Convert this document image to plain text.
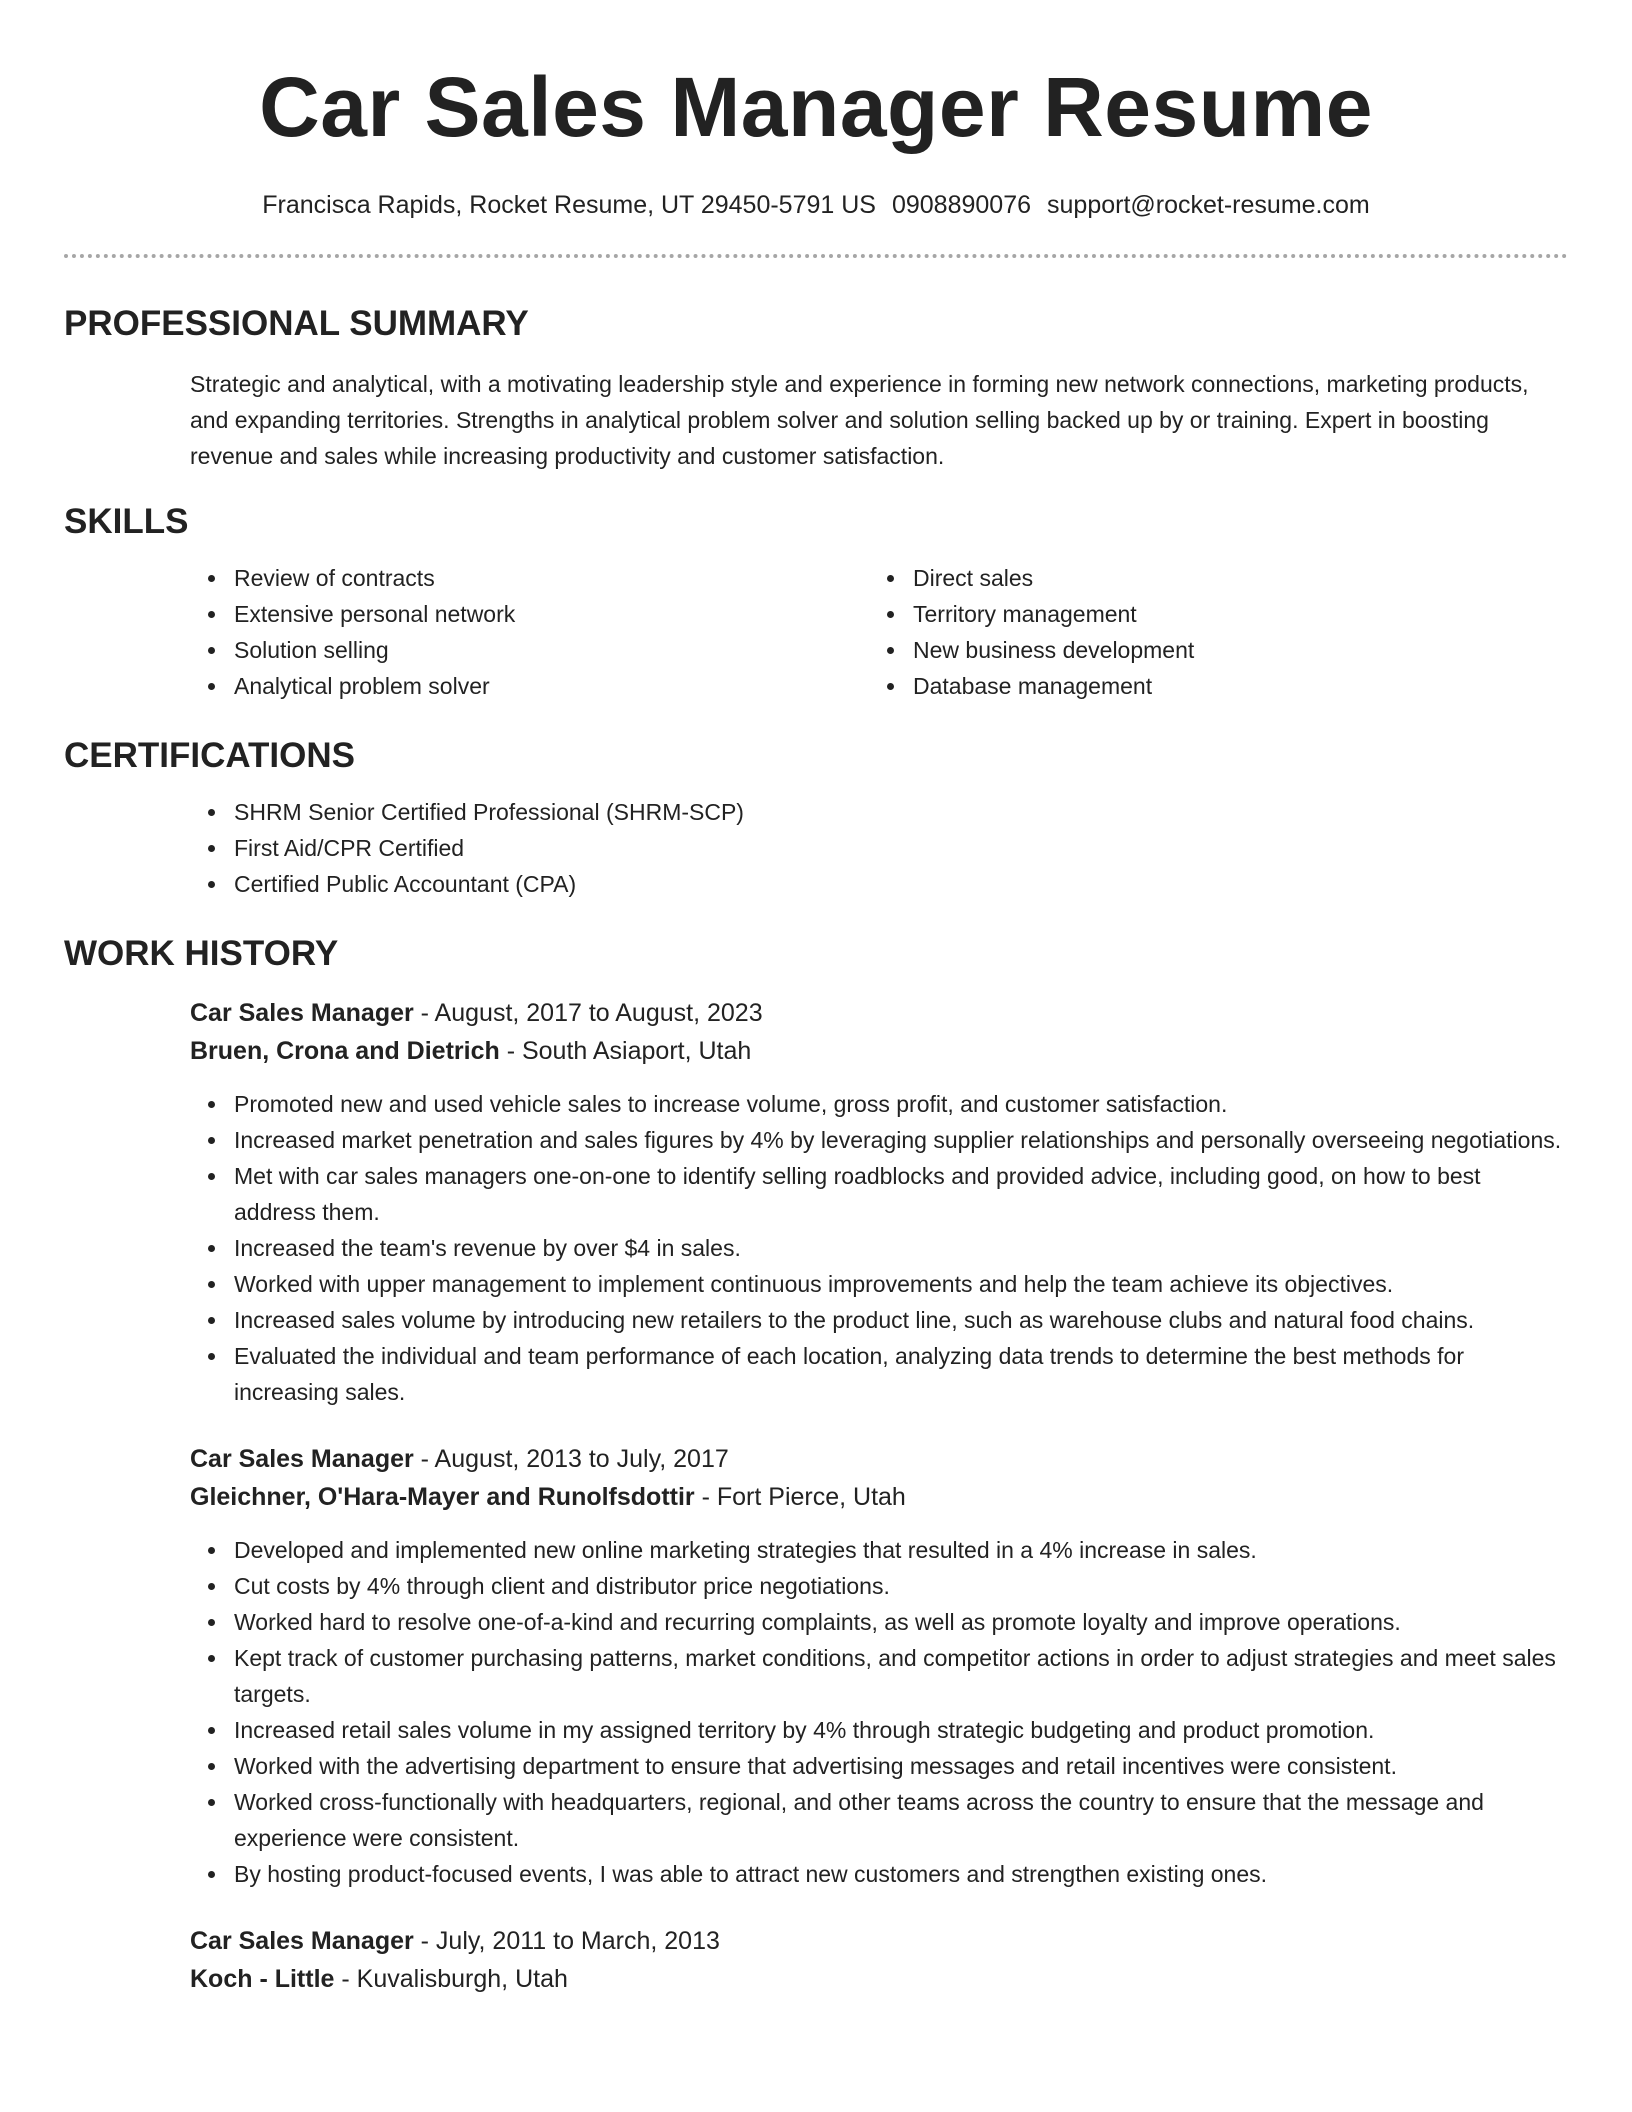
Car Sales Manager Resume
Francisca Rapids, Rocket Resume, UT 29450-5791 US 0908890076 support@rocket-resume.com
PROFESSIONAL SUMMARY

Strategic and analytical, with a motivating leadership style and experience in forming new network connections, marketing products, and expanding territories. Strengths in analytical problem solver and solution selling backed up by or training. Expert in boosting revenue and sales while increasing productivity and customer satisfaction.

SKILLS
Review of contracts
Extensive personal network
Solution selling
Analytical problem solver
Direct sales
Territory management
New business development
Database management
CERTIFICATIONS
SHRM Senior Certified Professional (SHRM-SCP)
First Aid/CPR Certified
Certified Public Accountant (CPA)
WORK HISTORY
Car Sales Manager - August, 2017 to August, 2023
Bruen, Crona and Dietrich - South Asiaport, Utah
Promoted new and used vehicle sales to increase volume, gross profit, and customer satisfaction.
Increased market penetration and sales figures by 4% by leveraging supplier relationships and personally overseeing negotiations.
Met with car sales managers one-on-one to identify selling roadblocks and provided advice, including good, on how to best address them.
Increased the team's revenue by over $4 in sales.
Worked with upper management to implement continuous improvements and help the team achieve its objectives.
Increased sales volume by introducing new retailers to the product line, such as warehouse clubs and natural food chains.
Evaluated the individual and team performance of each location, analyzing data trends to determine the best methods for increasing sales.
Car Sales Manager - August, 2013 to July, 2017
Gleichner, O'Hara-Mayer and Runolfsdottir - Fort Pierce, Utah
Developed and implemented new online marketing strategies that resulted in a 4% increase in sales.
Cut costs by 4% through client and distributor price negotiations.
Worked hard to resolve one-of-a-kind and recurring complaints, as well as promote loyalty and improve operations.
Kept track of customer purchasing patterns, market conditions, and competitor actions in order to adjust strategies and meet sales targets.
Increased retail sales volume in my assigned territory by 4% through strategic budgeting and product promotion.
Worked with the advertising department to ensure that advertising messages and retail incentives were consistent.
Worked cross-functionally with headquarters, regional, and other teams across the country to ensure that the message and experience were consistent.
By hosting product-focused events, I was able to attract new customers and strengthen existing ones.
Car Sales Manager - July, 2011 to March, 2013
Koch - Little - Kuvalisburgh, Utah
